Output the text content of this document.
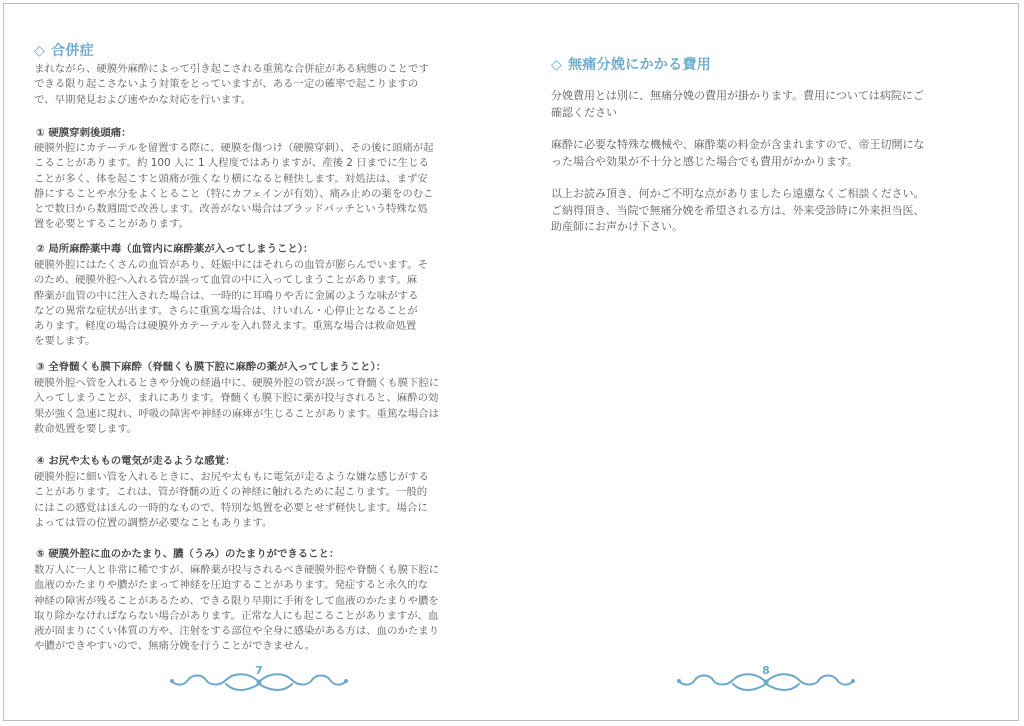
◇ 合併症

まれながら、硬膜外麻酔によって引き起こされる重篤な合併症がある病態のことです
できる限り起こさないよう対策をとっていますが、ある一定の確率で起こりますの
で、早期発見および速やかな対応を行います。

① 硬膜穿刺後頭痛：

硬膜外腔にカテーテルを留置する際に、硬膜を傷つけ（硬膜穿刺）、その後に頭痛が起
こることがあります。約 100 人に 1 人程度ではありますが、産後 2 日までに生じる
ことが多く、体を起こすと頭痛が強くなり横になると軽快します。対処法は、まず安
静にすることや水分をよくとること（特にカフェインが有効）、痛み止めの薬をのむこ
とで数日から数週間で改善します。改善がない場合はブラッドパッチという特殊な処
置を必要とすることがあります。

② 局所麻酔薬中毒（血管内に麻酔薬が入ってしまうこと）：

硬膜外腔にはたくさんの血管があり、妊娠中にはそれらの血管が膨らんでいます。そ
のため、硬膜外腔へ入れる管が誤って血管の中に入ってしまうことがあります。麻
酔薬が血管の中に注入された場合は、一時的に耳鳴りや舌に金属のような味がする
などの異常な症状が出ます。さらに重篤な場合は、けいれん・心停止となることが
あります。軽度の場合は硬膜外カテーテルを入れ替えます。重篤な場合は救命処置
を要します。

③ 全脊髄くも膜下麻酔（脊髄くも膜下腔に麻酔の薬が入ってしまうこと）：

硬膜外腔へ管を入れるときや分娩の経過中に、硬膜外腔の管が誤って脊髄くも膜下腔に
入ってしまうことが、まれにあります。脊髄くも膜下腔に薬が投与されると、麻酔の効
果が強く急速に現れ、呼吸の障害や神経の麻痺が生じることがあります。重篤な場合は
救命処置を要します。

④ お尻や太ももの電気が走るような感覚：

硬膜外腔に細い管を入れるときに、お尻や太ももに電気が走るような嫌な感じがする
ことがあります。これは、管が脊髄の近くの神経に触れるために起こります。一般的
にはこの感覚はほんの一時的なもので、特別な処置を必要とせず軽快します。場合に
よっては管の位置の調整が必要なこともあります。

⑤ 硬膜外腔に血のかたまり、膿（うみ）のたまりができること：

数万人に一人と非常に稀ですが、麻酔薬が投与されるべき硬膜外腔や脊髄くも膜下腔に
血液のかたまりや膿がたまって神経を圧迫することがあります。発症すると永久的な
神経の障害が残ることがあるため、できる限り早期に手術をして血液のかたまりや膿を
取り除かなければならない場合があります。正常な人にも起こることがありますが、血
液が固まりにくい体質の方や、注射をする部位や全身に感染がある方は、血のかたまり
や膿ができやすいので、無痛分娩を行うことができません。

7
◇ 無痛分娩にかかる費用

分娩費用とは別に、無痛分娩の費用が掛かります。費用については病院にご
確認ください

麻酔に必要な特殊な機械や、麻酔薬の料金が含まれますので、帝王切開にな
った場合や効果が不十分と感じた場合でも費用がかかります。

以上お読み頂き、何かご不明な点がありましたら遠慮なくご相談ください。
ご納得頂き、当院で無痛分娩を希望される方は、外来受診時に外来担当医、
助産師にお声かけ下さい。

8
